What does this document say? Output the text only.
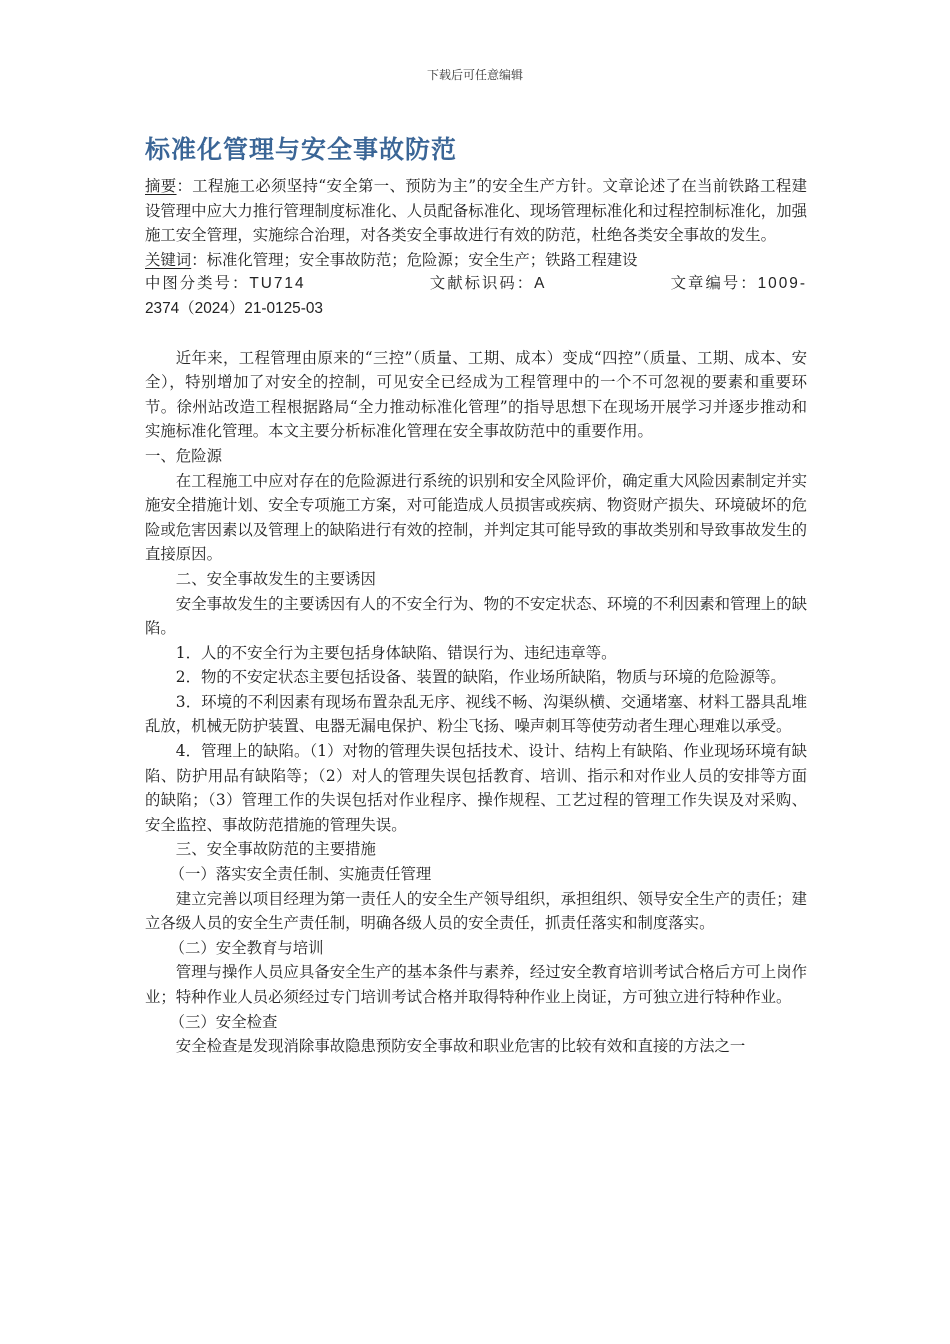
下载后可任意编辑
标准化管理与安全事故防范

摘要：工程施工必须坚持“安全第一、预防为主”的安全生产方针。文章论述了在当前铁路工程建设管理中应大力推行管理制度标准化、人员配备标准化、现场管理标准化和过程控制标准化，加强施工安全管理，实施综合治理，对各类安全事故进行有效的防范，杜绝各类安全事故的发生。

关键词：标准化管理；安全事故防范；危险源；安全生产；铁路工程建设

中图分类号：TU714	文献标识码：A	文章编号：1009-

2374（2024）21-0125-03

近年来，工程管理由原来的“三控”（质量、工期、成本）变成“四控”（质量、工期、成本、安全），特别增加了对安全的控制，可见安全已经成为工程管理中的一个不可忽视的要素和重要环节。徐州站改造工程根据路局“全力推动标准化管理”的指导思想下在现场开展学习并逐步推动和实施标准化管理。本文主要分析标准化管理在安全事故防范中的重要作用。

一、危险源

在工程施工中应对存在的危险源进行系统的识别和安全风险评价，确定重大风险因素制定并实施安全措施计划、安全专项施工方案，对可能造成人员损害或疾病、物资财产损失、环境破坏的危险或危害因素以及管理上的缺陷进行有效的控制，并判定其可能导致的事故类别和导致事故发生的直接原因。

二、安全事故发生的主要诱因

安全事故发生的主要诱因有人的不安全行为、物的不安定状态、环境的不利因素和管理上的缺陷。

1．人的不安全行为主要包括身体缺陷、错误行为、违纪违章等。

2．物的不安定状态主要包括设备、装置的缺陷，作业场所缺陷，物质与环境的危险源等。

3．环境的不利因素有现场布置杂乱无序、视线不畅、沟渠纵横、交通堵塞、材料工器具乱堆乱放，机械无防护装置、电器无漏电保护、粉尘飞扬、噪声刺耳等使劳动者生理心理难以承受。

4．管理上的缺陷。（1）对物的管理失误包括技术、设计、结构上有缺陷、作业现场环境有缺陷、防护用品有缺陷等；（2）对人的管理失误包括教育、培训、指示和对作业人员的安排等方面的缺陷；（3）管理工作的失误包括对作业程序、操作规程、工艺过程的管理工作失误及对采购、安全监控、事故防范措施的管理失误。

三、安全事故防范的主要措施

（一）落实安全责任制、实施责任管理

建立完善以项目经理为第一责任人的安全生产领导组织，承担组织、领导安全生产的责任；建立各级人员的安全生产责任制，明确各级人员的安全责任，抓责任落实和制度落实。

（二）安全教育与培训

管理与操作人员应具备安全生产的基本条件与素养，经过安全教育培训考试合格后方可上岗作业；特种作业人员必须经过专门培训考试合格并取得特种作业上岗证，方可独立进行特种作业。

（三）安全检查

安全检查是发现消除事故隐患预防安全事故和职业危害的比较有效和直接的方法之一
